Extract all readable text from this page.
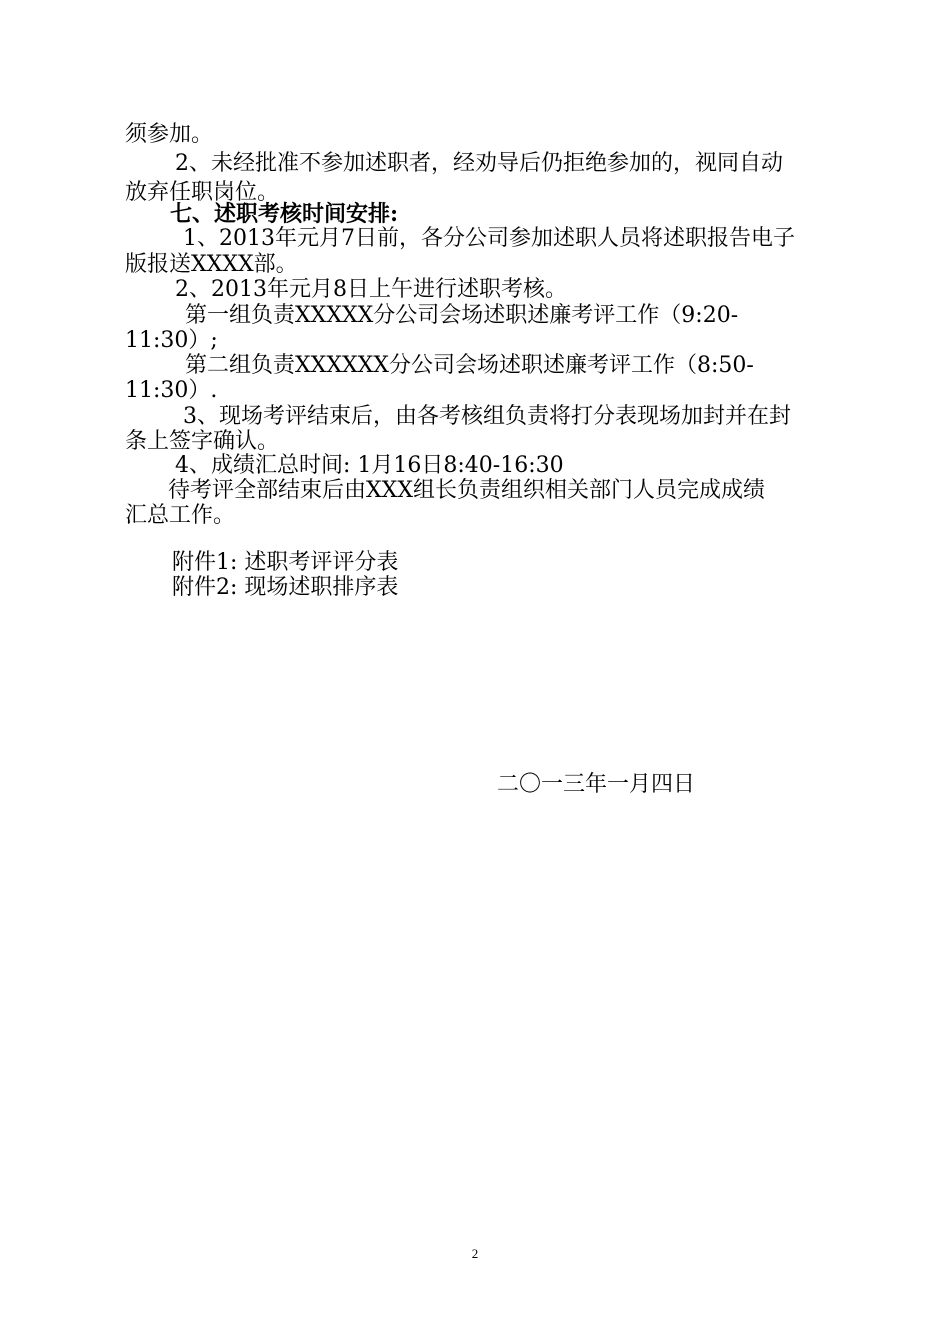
须参加。
2、未经批准不参加述职者，经劝导后仍拒绝参加的，视同自动
放弃任职岗位。
七、述职考核时间安排:
1、2013年元月7日前，各分公司参加述职人员将述职报告电子
版报送XXXX部。
2、2013年元月8日上午进行述职考核。
第一组负责XXXXX分公司会场述职述廉考评工作（9:20-
11:30）;
第二组负责XXXXXX分公司会场述职述廉考评工作（8:50-
11:30）.
3、现场考评结束后，由各考核组负责将打分表现场加封并在封
条上签字确认。
4、成绩汇总时间: 1月16日8:40-16:30
待考评全部结束后由XXX组长负责组织相关部门人员完成成绩
汇总工作。
附件1: 述职考评评分表
附件2: 现场述职排序表
二〇一三年一月四日
2
